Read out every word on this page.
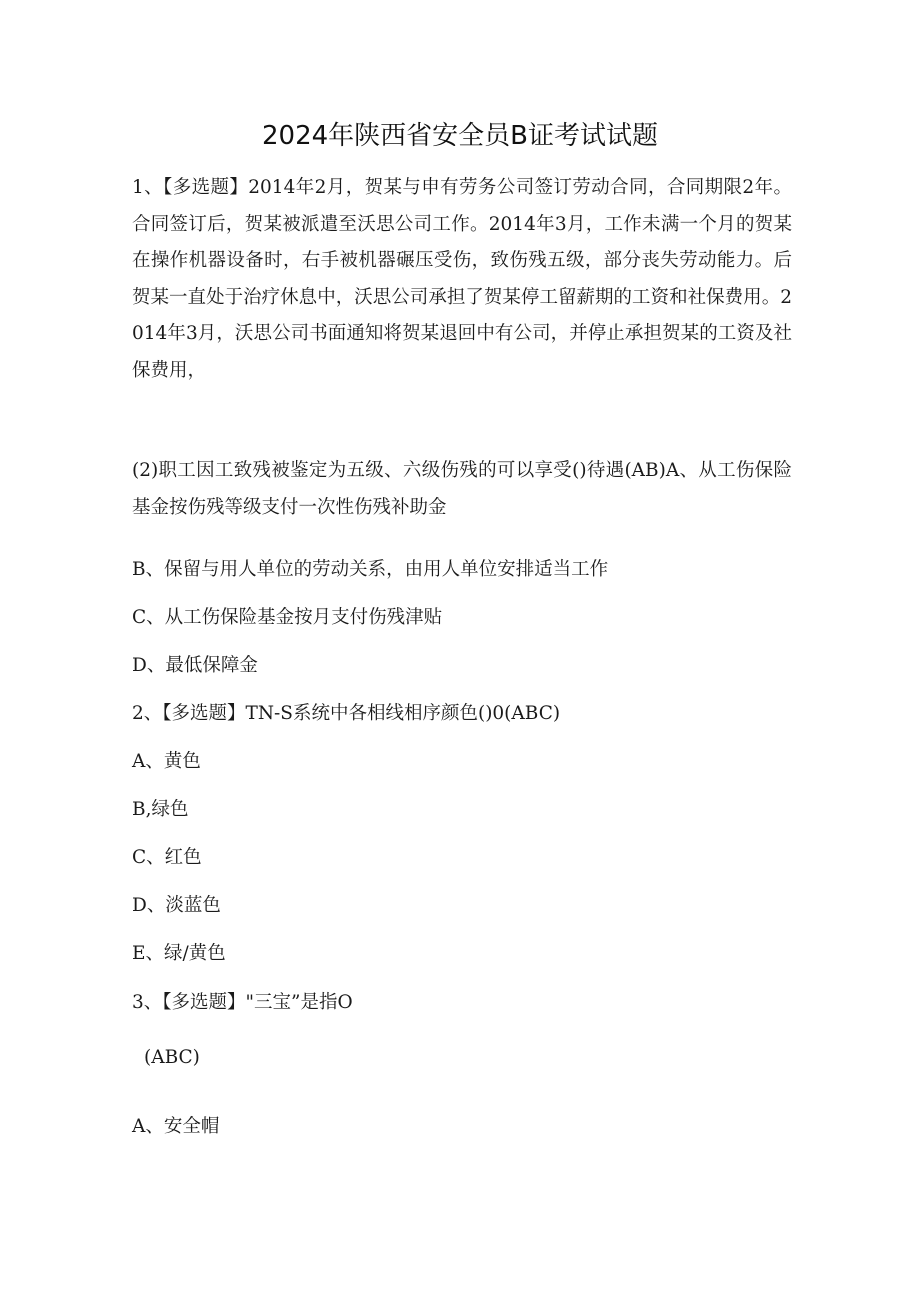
2024年陕西省安全员B证考试试题
1、【多选题】2014年2月，贺某与申有劳务公司签订劳动合同，合同期限2年。合同签订后，贺某被派遣至沃思公司工作。2014年3月，工作未满一个月的贺某在操作机器设备时，右手被机器碾压受伤，致伤残五级，部分丧失劳动能力。后贺某一直处于治疗休息中，沃思公司承担了贺某停工留薪期的工资和社保费用。2014年3月，沃思公司书面通知将贺某退回中有公司，并停止承担贺某的工资及社保费用，
(2)职工因工致残被鉴定为五级、六级伤残的可以享受()待遇(AB)A、从工伤保险基金按伤残等级支付一次性伤残补助金
B、保留与用人单位的劳动关系，由用人单位安排适当工作
C、从工伤保险基金按月支付伤残津贴
D、最低保障金
2、【多选题】TN-S系统中各相线相序颜色()0(ABC)
A、黄色
B,绿色
C、红色
D、淡蓝色
E、绿/黄色
3、【多选题】"三宝”是指O
(ABC)
A、安全帽
